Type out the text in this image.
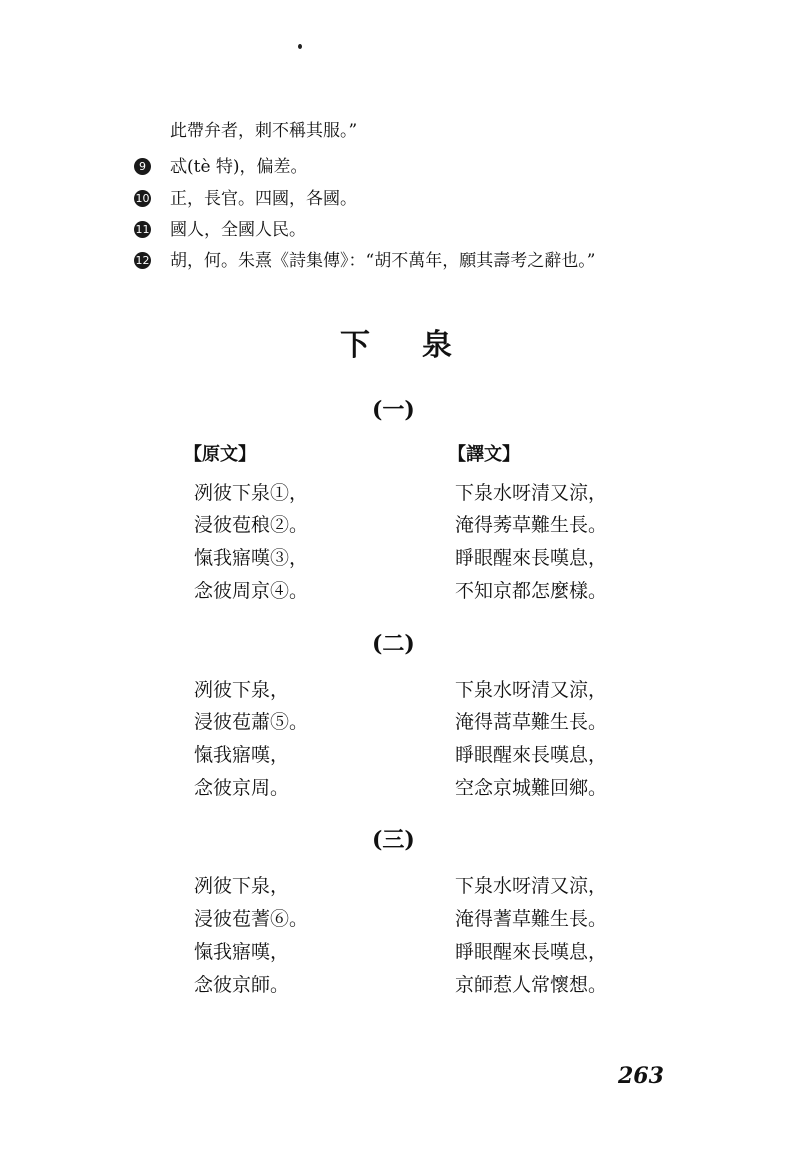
此帶弁者，刺不稱其服。”
9 忒(tè 特)，偏差。
10 正，長官。四國，各國。
11 國人，全國人民。
12 胡，何。朱熹《詩集傳》：“胡不萬年，願其壽考之辭也。”
下泉
(一)
【原文】	【譯文】
冽彼下泉①，
浸彼苞稂②。
愾我寤嘆③，
念彼周京④。
下泉水呀清又涼，
淹得莠草難生長。
睜眼醒來長嘆息，
不知京都怎麼樣。
(二)
冽彼下泉，
浸彼苞蕭⑤。
愾我寤嘆，
念彼京周。
下泉水呀清又涼，
淹得蒿草難生長。
睜眼醒來長嘆息，
空念京城難回鄉。
(三)
冽彼下泉，
浸彼苞蓍⑥。
愾我寤嘆，
念彼京師。
下泉水呀清又涼，
淹得蓍草難生長。
睜眼醒來長嘆息，
京師惹人常懷想。
263
